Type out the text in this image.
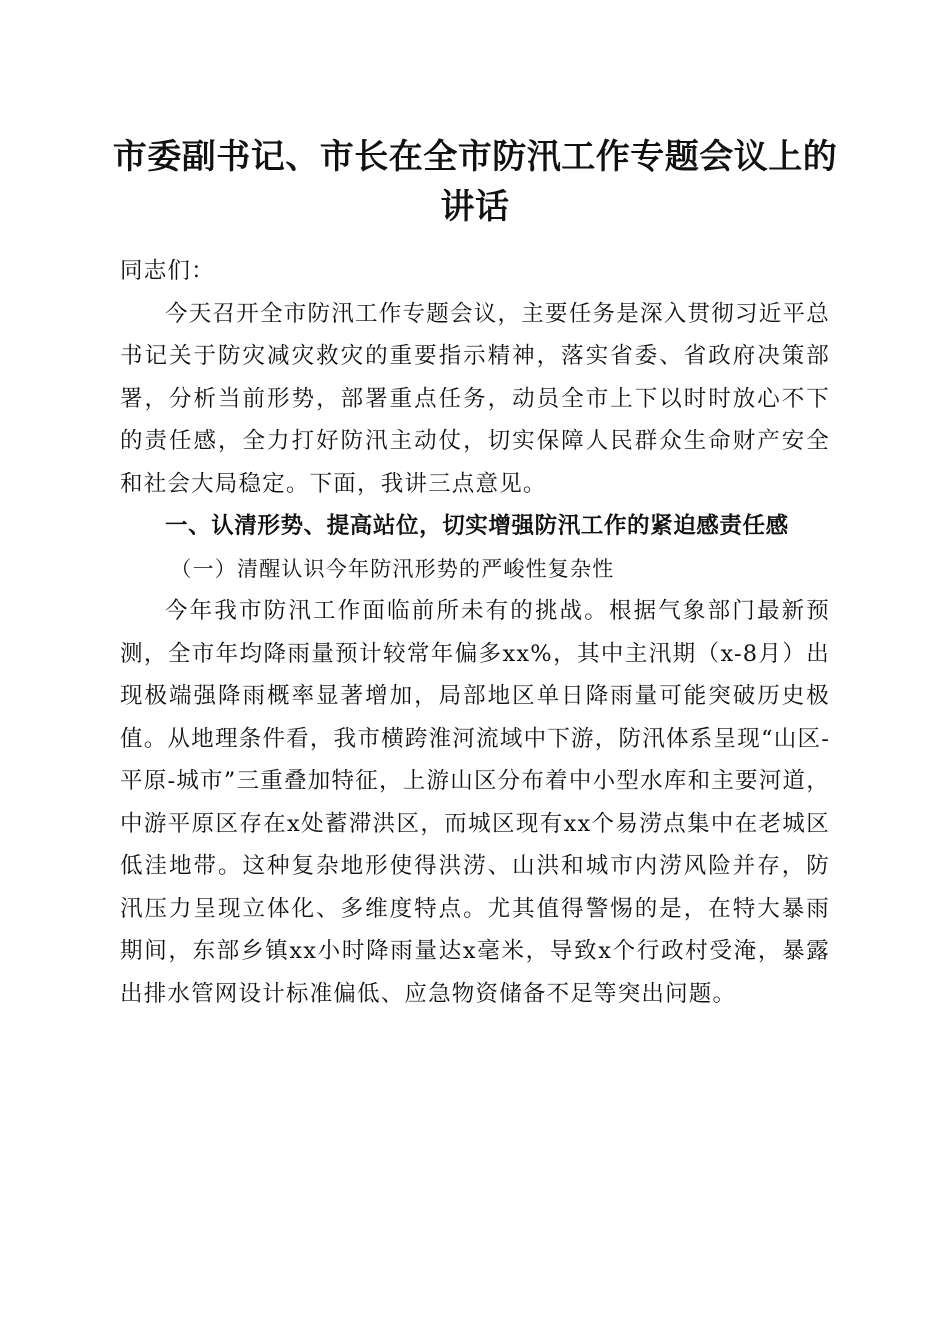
市委副书记、市长在全市防汛工作专题会议上的讲话

同志们：

今天召开全市防汛工作专题会议，主要任务是深入贯彻习近平总书记关于防灾减灾救灾的重要指示精神，落实省委、省政府决策部署，分析当前形势，部署重点任务，动员全市上下以时时放心不下的责任感，全力打好防汛主动仗，切实保障人民群众生命财产安全和社会大局稳定。下面，我讲三点意见。

一、认清形势、提高站位，切实增强防汛工作的紧迫感责任感

（一）清醒认识今年防汛形势的严峻性复杂性

今年我市防汛工作面临前所未有的挑战。根据气象部门最新预测，全市年均降雨量预计较常年偏多xx%，其中主汛期（x-8月）出现极端强降雨概率显著增加，局部地区单日降雨量可能突破历史极值。从地理条件看，我市横跨淮河流域中下游，防汛体系呈现“山区-平原-城市”三重叠加特征，上游山区分布着中小型水库和主要河道，中游平原区存在x处蓄滞洪区，而城区现有xx个易涝点集中在老城区低洼地带。这种复杂地形使得洪涝、山洪和城市内涝风险并存，防汛压力呈现立体化、多维度特点。尤其值得警惕的是，在特大暴雨期间，东部乡镇xx小时降雨量达x毫米，导致x个行政村受淹，暴露出排水管网设计标准偏低、应急物资储备不足等突出问题。
